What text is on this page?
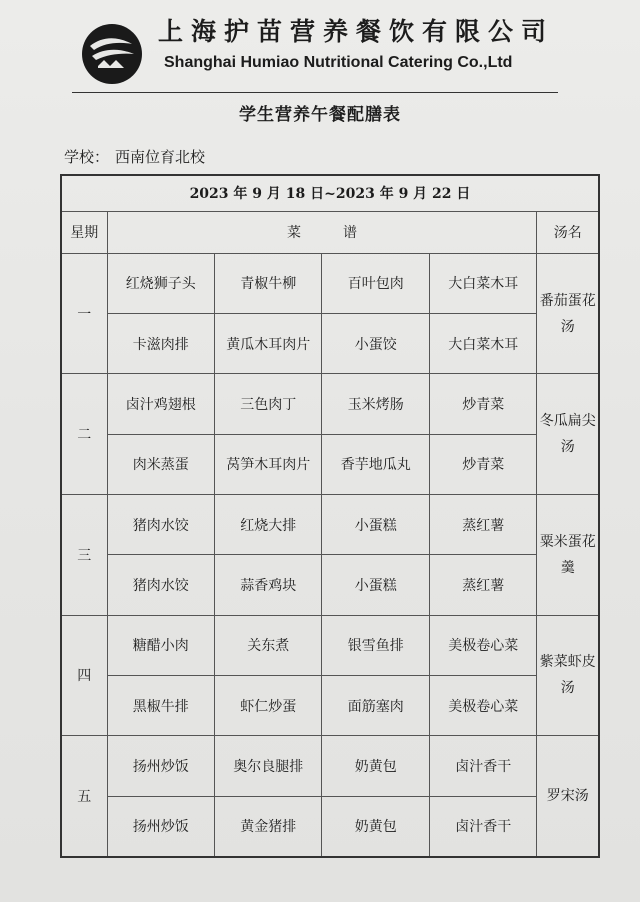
上海护苗营养餐饮有限公司
Shanghai Humiao Nutritional Catering Co.,Ltd
学生营养午餐配膳表
学校： 西南位育北校
2023 年 9 月 18 日~2023 年 9 月 22 日					
星期	菜　　　谱				汤名
一	红烧狮子头	青椒牛柳	百叶包肉	大白菜木耳	番茄蛋花汤
	卡滋肉排	黄瓜木耳肉片	小蛋饺	大白菜木耳	
二	卤汁鸡翅根	三色肉丁	玉米烤肠	炒青菜	冬瓜扁尖汤
	肉米蒸蛋	莴笋木耳肉片	香芋地瓜丸	炒青菜	
三	猪肉水饺	红烧大排	小蛋糕	蒸红薯	粟米蛋花羹
	猪肉水饺	蒜香鸡块	小蛋糕	蒸红薯	
四	糖醋小肉	关东煮	银雪鱼排	美极卷心菜	紫菜虾皮汤
	黑椒牛排	虾仁炒蛋	面筋塞肉	美极卷心菜	
五	扬州炒饭	奥尔良腿排	奶黄包	卤汁香干	罗宋汤
	扬州炒饭	黄金猪排	奶黄包	卤汁香干	
